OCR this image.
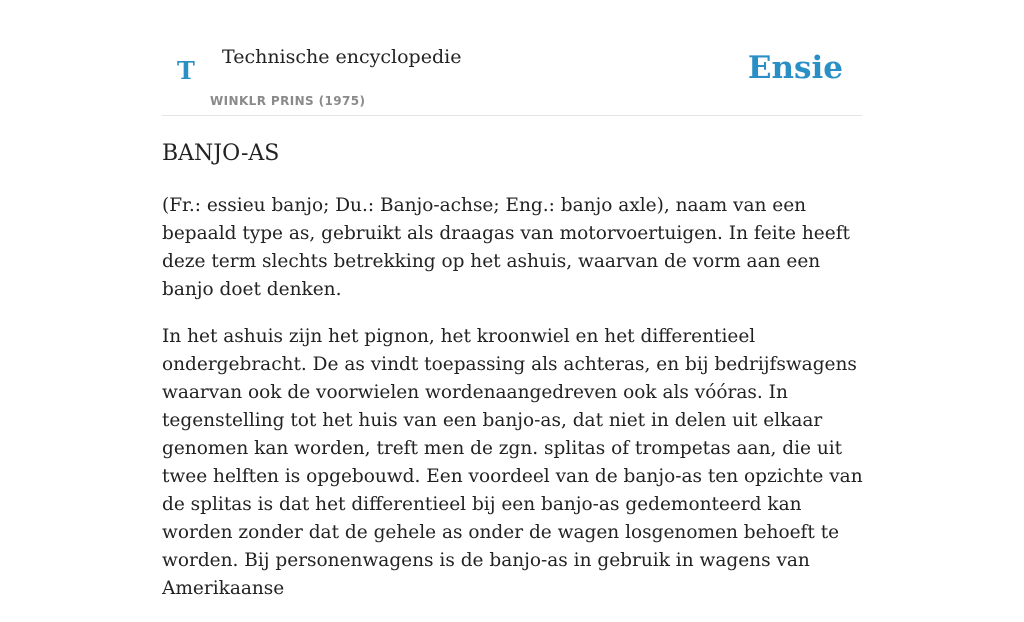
T Technische encyclopedie
WINKLR PRINS (1975)
Ensie
BANJO-AS

(Fr.: essieu banjo; Du.: Banjo-achse; Eng.: banjo axle), naam van een bepaald type as, gebruikt als draagas van motorvoertuigen. In feite heeft deze term slechts betrekking op het ashuis, waarvan de vorm aan een banjo doet denken.

In het ashuis zijn het pignon, het kroonwiel en het differentieel ondergebracht. De as vindt toepassing als achteras, en bij bedrijfswagens waarvan ook de voorwielen wordenaangedreven ook als vóóras. In tegenstelling tot het huis van een banjo-as, dat niet in delen uit elkaar genomen kan worden, treft men de zgn. splitas of trompetas aan, die uit twee helften is opgebouwd. Een voordeel van de banjo-as ten opzichte van de splitas is dat het differentieel bij een banjo-as gedemonteerd kan worden zonder dat de gehele as onder de wagen losgenomen behoeft te worden. Bij personenwagens is de banjo-as in gebruik in wagens van Amerikaanse
